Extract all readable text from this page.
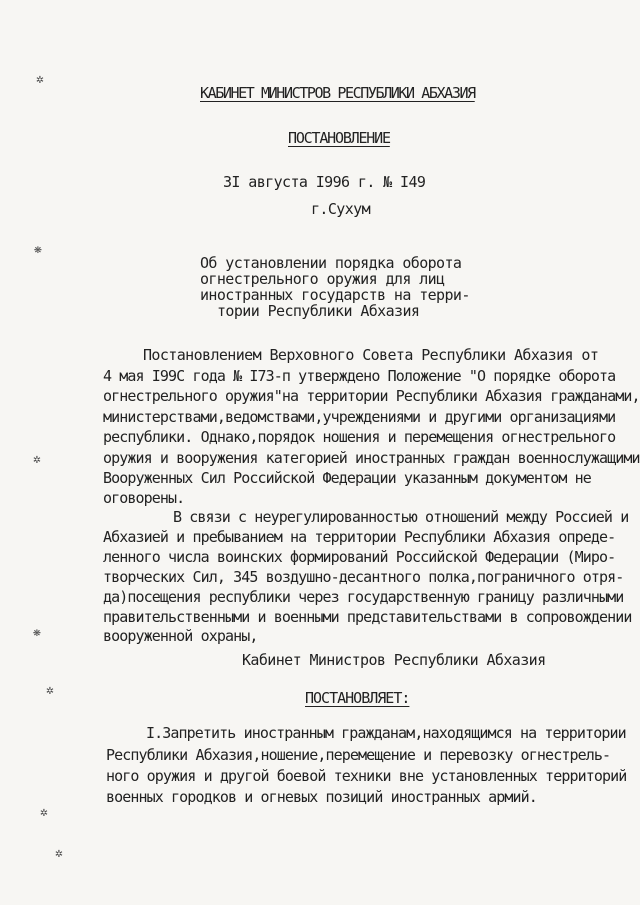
✲
❋
✲
❋
✲
✲
✲
КАБИНЕТ МИНИСТРОВ РЕСПУБЛИКИ АБХАЗИЯ
ПОСТАНОВЛЕНИЕ
3I августа I996 г. № I49
г.Сухум
Об установлении порядка оборота
огнестрельного оружия для лиц
иностранных государств на терри-
тории Республики Абхазия
Постановлением Верховного Совета Республики Абхазия от
4 мая I99С года № I73-п утверждено Положение "О порядке оборота
огнестрельного оружия"на территории Республики Абхазия гражданами,
министерствами,ведомствами,учреждениями и другими организациями
республики. Однако,порядок ношения и перемещения огнестрельного
оружия и вооружения категорией иностранных граждан военнослужащими
Вооруженных Сил Российской Федерации указанным документом не
оговорены.
В связи с неурегулированностью отношений между Россией и
Абхазией и пребыванием на территории Республики Абхазия опреде-
ленного числа воинских формирований Российской Федерации (Миро-
творческих Сил, 345 воздушно-десантного полка,пограничного отря-
да)посещения республики через государственную границу различными
правительственными и военными представительствами в сопровождении
вооруженной охраны,
Кабинет Министров Республики Абхазия
ПОСТАНОВЛЯЕТ:
I.Запретить иностранным гражданам,находящимся на территории
Республики Абхазия,ношение,перемещение и перевозку огнестрель-
ного оружия и другой боевой техники вне установленных территорий
военных городков и огневых позиций иностранных армий.
